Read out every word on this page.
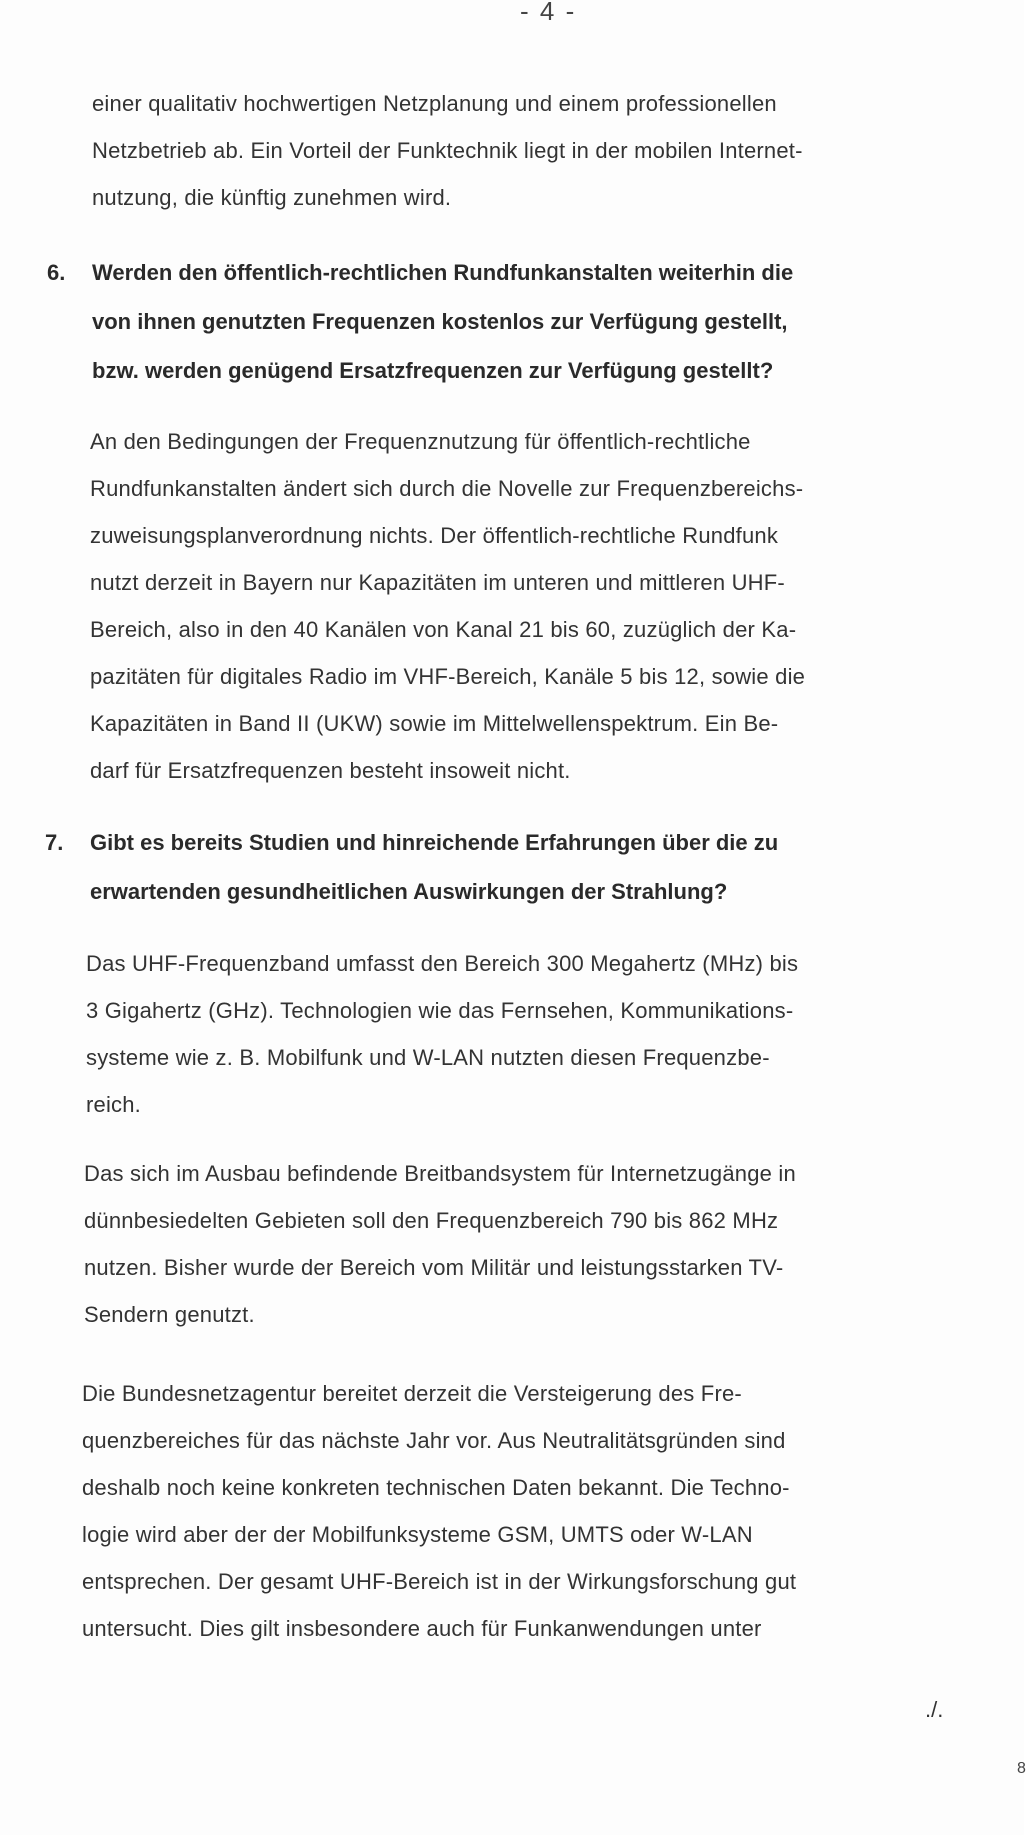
- 4 -
einer qualitativ hochwertigen Netzplanung und einem professionellen
Netzbetrieb ab. Ein Vorteil der Funktechnik liegt in der mobilen Internet-
nutzung, die künftig zunehmen wird.
6. Werden den öffentlich-rechtlichen Rundfunkanstalten weiterhin die
von ihnen genutzten Frequenzen kostenlos zur Verfügung gestellt,
bzw. werden genügend Ersatzfrequenzen zur Verfügung gestellt?
An den Bedingungen der Frequenznutzung für öffentlich-rechtliche
Rundfunkanstalten ändert sich durch die Novelle zur Frequenzbereichs-
zuweisungsplanverordnung nichts. Der öffentlich-rechtliche Rundfunk
nutzt derzeit in Bayern nur Kapazitäten im unteren und mittleren UHF-
Bereich, also in den 40 Kanälen von Kanal 21 bis 60, zuzüglich der Ka-
pazitäten für digitales Radio im VHF-Bereich, Kanäle 5 bis 12, sowie die
Kapazitäten in Band II (UKW) sowie im Mittelwellenspektrum. Ein Be-
darf für Ersatzfrequenzen besteht insoweit nicht.
7. Gibt es bereits Studien und hinreichende Erfahrungen über die zu
erwartenden gesundheitlichen Auswirkungen der Strahlung?
Das UHF-Frequenzband umfasst den Bereich 300 Megahertz (MHz) bis
3 Gigahertz (GHz). Technologien wie das Fernsehen, Kommunikations-
systeme wie z. B. Mobilfunk und W-LAN nutzten diesen Frequenzbe-
reich.
Das sich im Ausbau befindende Breitbandsystem für Internetzugänge in
dünnbesiedelten Gebieten soll den Frequenzbereich 790 bis 862 MHz
nutzen. Bisher wurde der Bereich vom Militär und leistungsstarken TV-
Sendern genutzt.
Die Bundesnetzagentur bereitet derzeit die Versteigerung des Fre-
quenzbereiches für das nächste Jahr vor. Aus Neutralitätsgründen sind
deshalb noch keine konkreten technischen Daten bekannt. Die Techno-
logie wird aber der der Mobilfunksysteme GSM, UMTS oder W-LAN
entsprechen. Der gesamt UHF-Bereich ist in der Wirkungsforschung gut
untersucht. Dies gilt insbesondere auch für Funkanwendungen unter
./.
8
